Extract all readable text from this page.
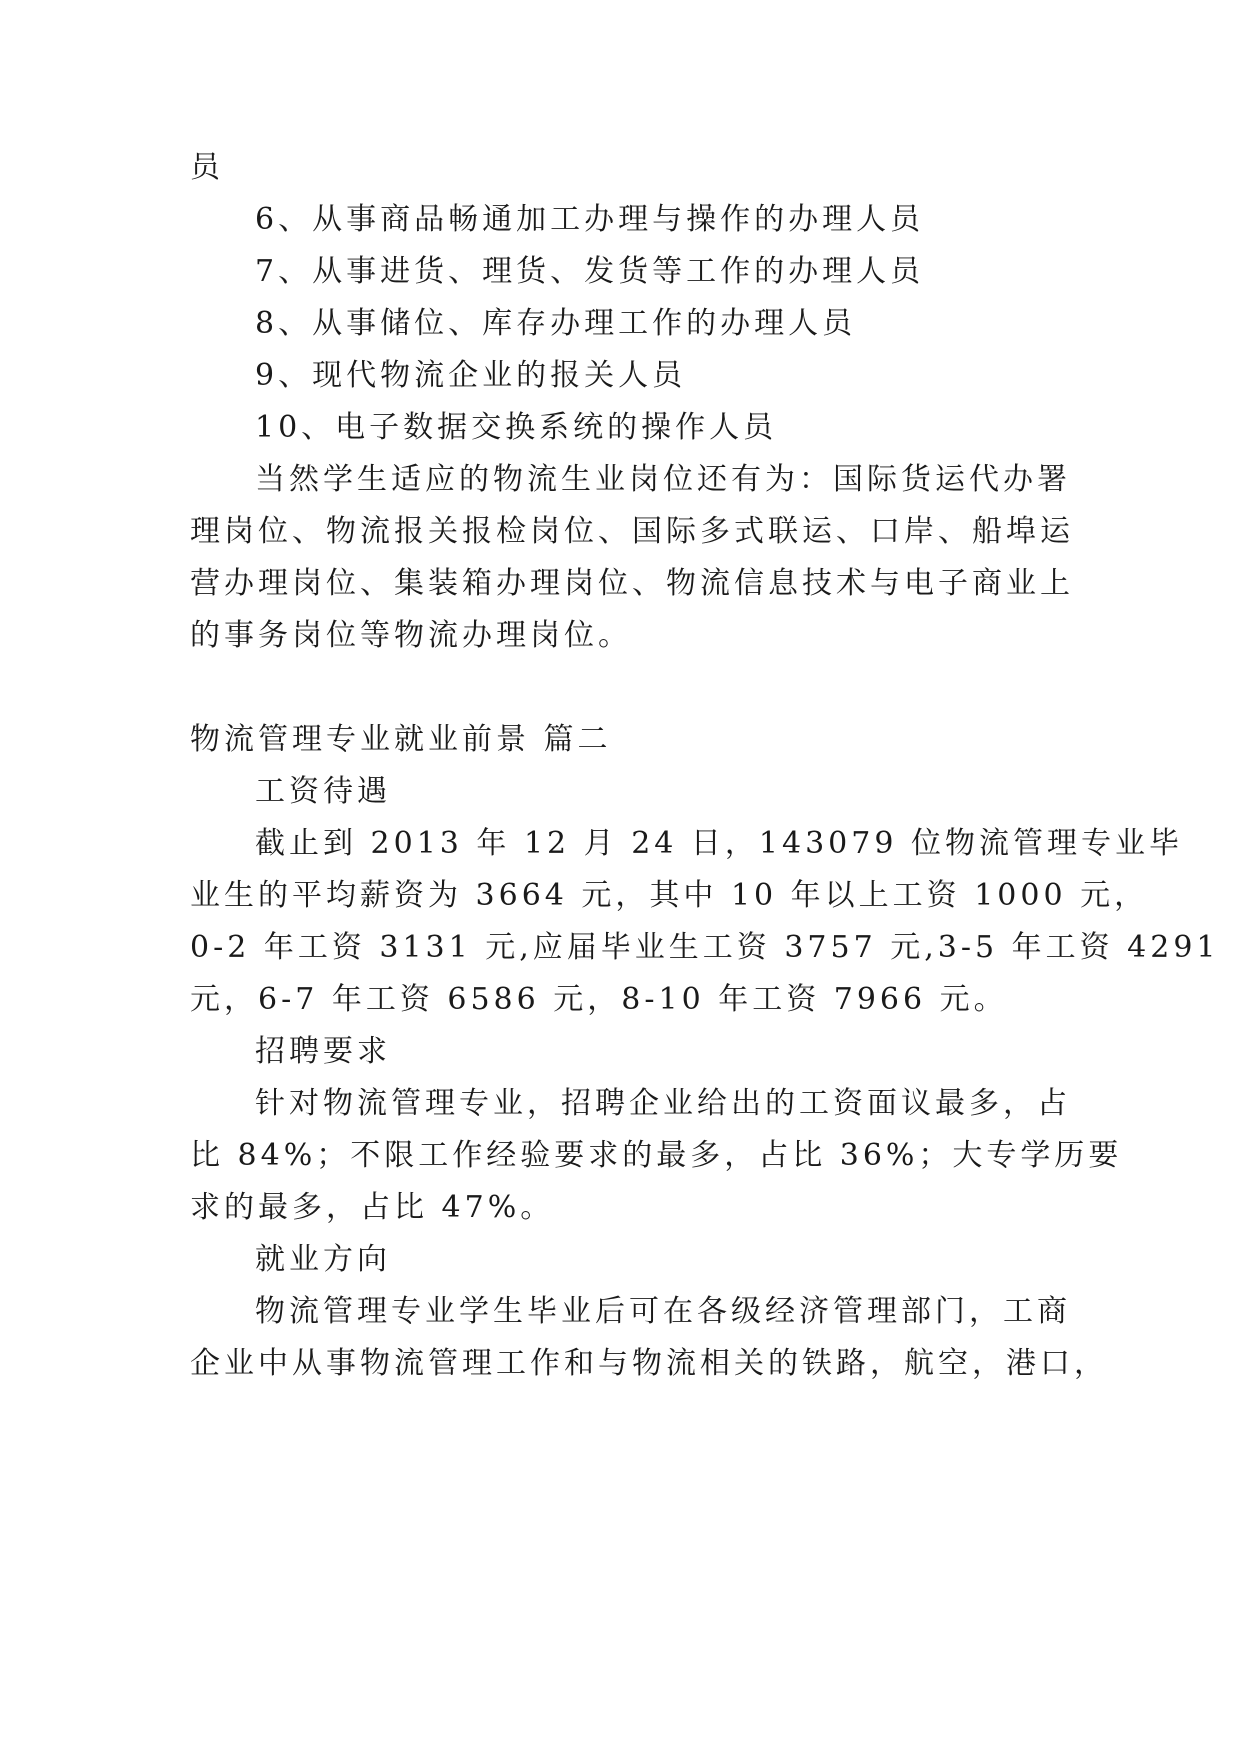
员
6、从事商品畅通加工办理与操作的办理人员
7、从事进货、理货、发货等工作的办理人员
8、从事储位、库存办理工作的办理人员
9、现代物流企业的报关人员
10、电子数据交换系统的操作人员
当然学生适应的物流生业岗位还有为：国际货运代办署
理岗位、物流报关报检岗位、国际多式联运、口岸、船埠运
营办理岗位、集装箱办理岗位、物流信息技术与电子商业上
的事务岗位等物流办理岗位。
物流管理专业就业前景 篇二
工资待遇
截止到 2013 年 12 月 24 日，143079 位物流管理专业毕
业生的平均薪资为 3664 元，其中 10 年以上工资 1000 元，
0-2 年工资 3131 元,应届毕业生工资 3757 元,3-5 年工资 4291
元，6-7 年工资 6586 元，8-10 年工资 7966 元。
招聘要求
针对物流管理专业，招聘企业给出的工资面议最多，占
比 84%；不限工作经验要求的最多，占比 36%；大专学历要
求的最多，占比 47%。
就业方向
物流管理专业学生毕业后可在各级经济管理部门，工商
企业中从事物流管理工作和与物流相关的铁路，航空，港口，
